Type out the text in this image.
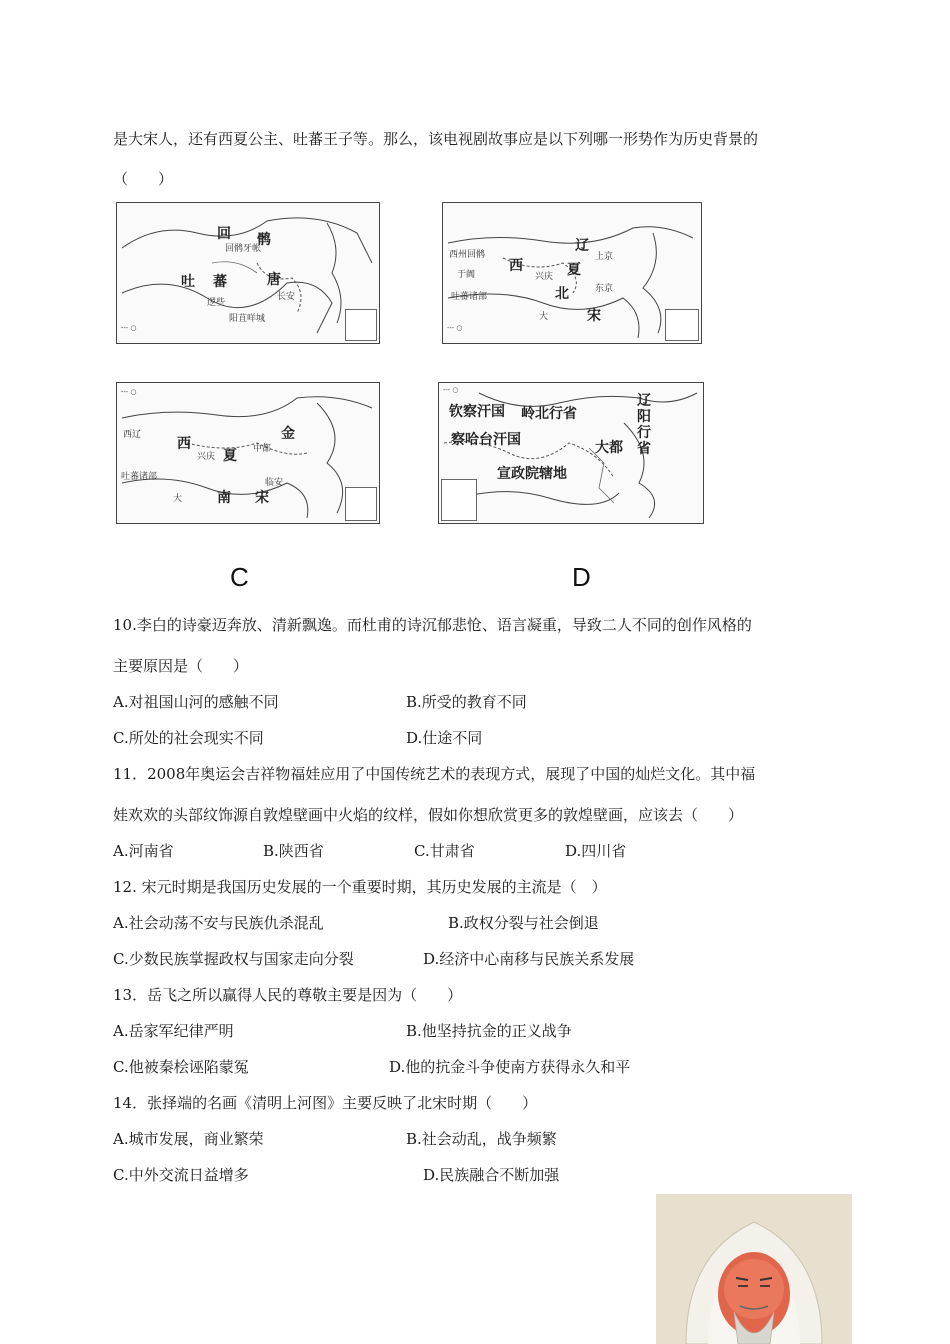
是大宋人，还有西夏公主、吐蕃王子等。那么，该电视剧故事应是以下列哪一形势作为历史背景的
（　　）
回 鹘
吐 蕃	唐
回鹘牙帐
逻些
长安
阳苴咩城
--- ○
辽
西	夏
北
宋
上京
兴庆
东京
大
西州回鹘
于阗
吐蕃诸部
--- ○
金
西
夏
南 宋
西辽
中都
兴庆
临安
吐蕃诸部
大
--- ○
钦察汗国 岭北行省
辽阳行省
察哈台汗国	大都
宣政院辖地
--- ○
C	D
10.李白的诗豪迈奔放、清新飘逸。而杜甫的诗沉郁悲怆、语言凝重，导致二人不同的创作风格的
主要原因是（　　）
A.对祖国山河的感触不同	B.所受的教育不同
C.所处的社会现实不同	D.仕途不同
11．2008年奥运会吉祥物福娃应用了中国传统艺术的表现方式，展现了中国的灿烂文化。其中福
娃欢欢的头部纹饰源自敦煌壁画中火焰的纹样，假如你想欣赏更多的敦煌壁画，应该去（　　）
A.河南省	B.陕西省	C.甘肃省	D.四川省
12. 宋元时期是我国历史发展的一个重要时期，其历史发展的主流是（　）
A.社会动荡不安与民族仇杀混乱	B.政权分裂与社会倒退
C.少数民族掌握政权与国家走向分裂	D.经济中心南移与民族关系发展
13．岳飞之所以赢得人民的尊敬主要是因为（　　）
A.岳家军纪律严明	B.他坚持抗金的正义战争
C.他被秦桧诬陷蒙冤	D.他的抗金斗争使南方获得永久和平
14．张择端的名画《清明上河图》主要反映了北宋时期（　　）
A.城市发展，商业繁荣	B.社会动乱，战争频繁
C.中外交流日益增多	D.民族融合不断加强
